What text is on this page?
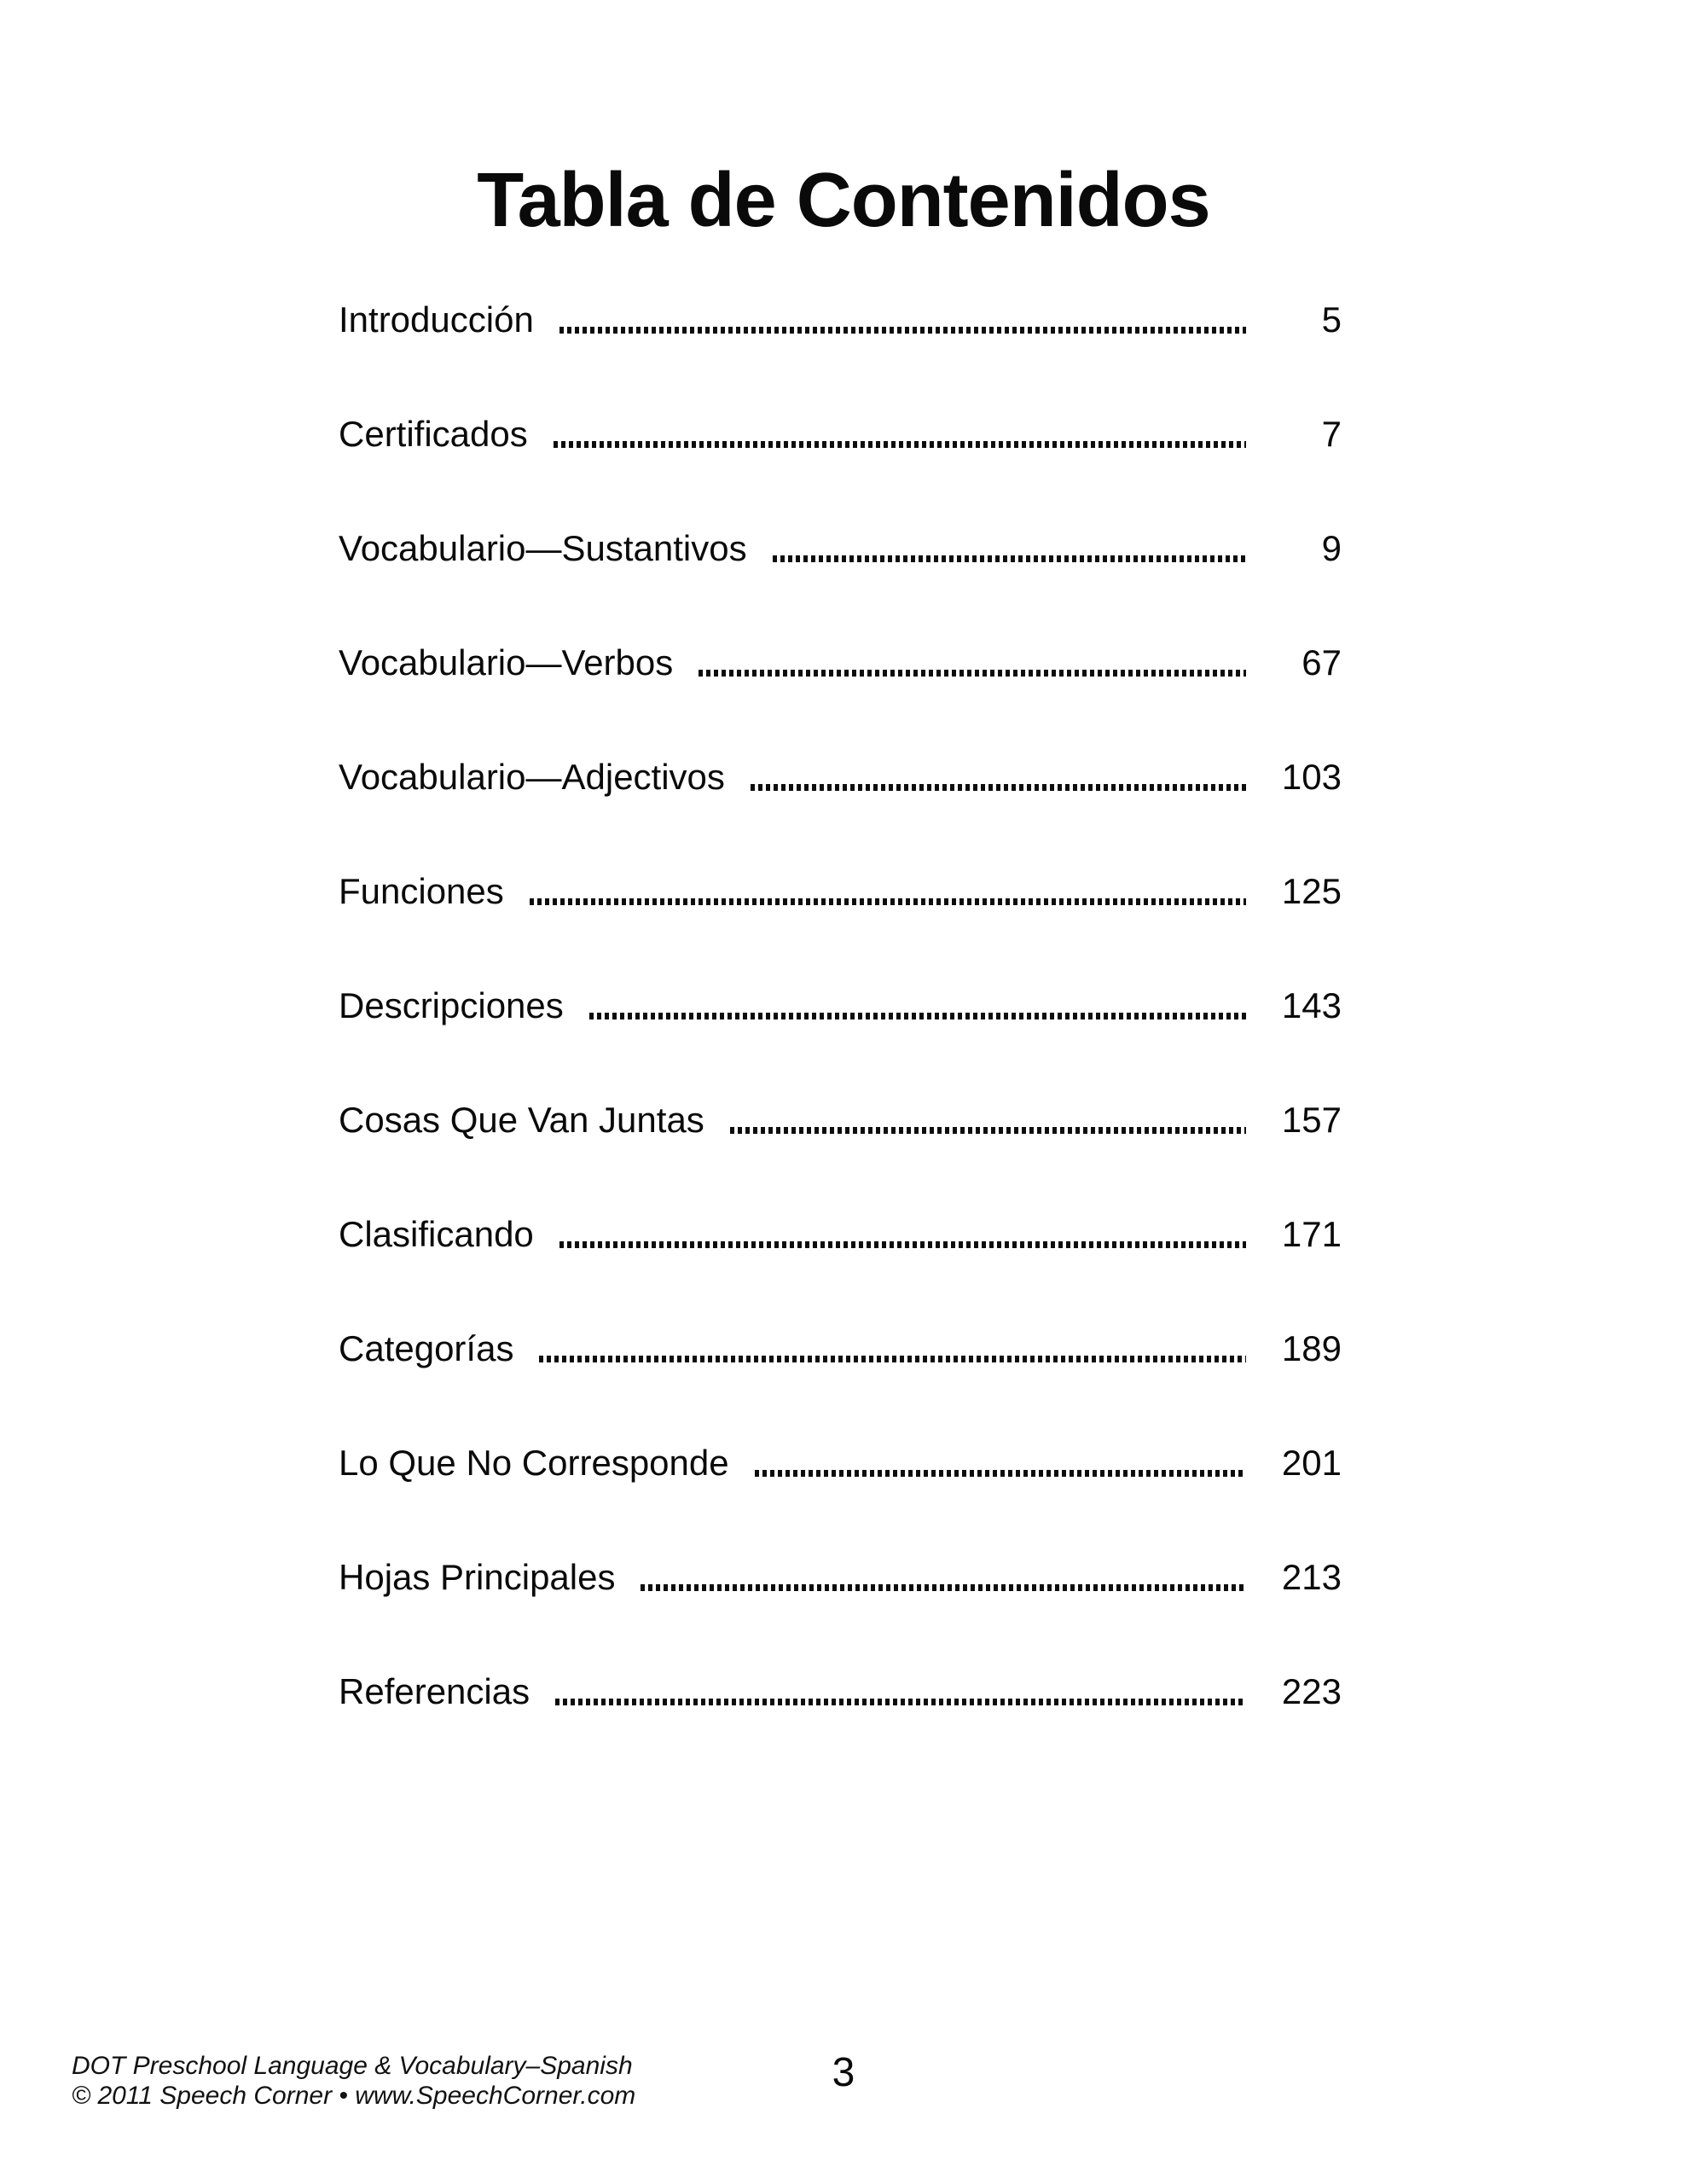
Tabla de Contenidos
Introducción	5
Certificados	7
Vocabulario—Sustantivos	9
Vocabulario—Verbos	67
Vocabulario—Adjectivos	103
Funciones	125
Descripciones	143
Cosas Que Van Juntas	157
Clasificando	171
Categorías	189
Lo Que No Corresponde	201
Hojas Principales	213
Referencias	223
DOT Preschool Language & Vocabulary–Spanish
© 2011 Speech Corner • www.SpeechCorner.com
3
